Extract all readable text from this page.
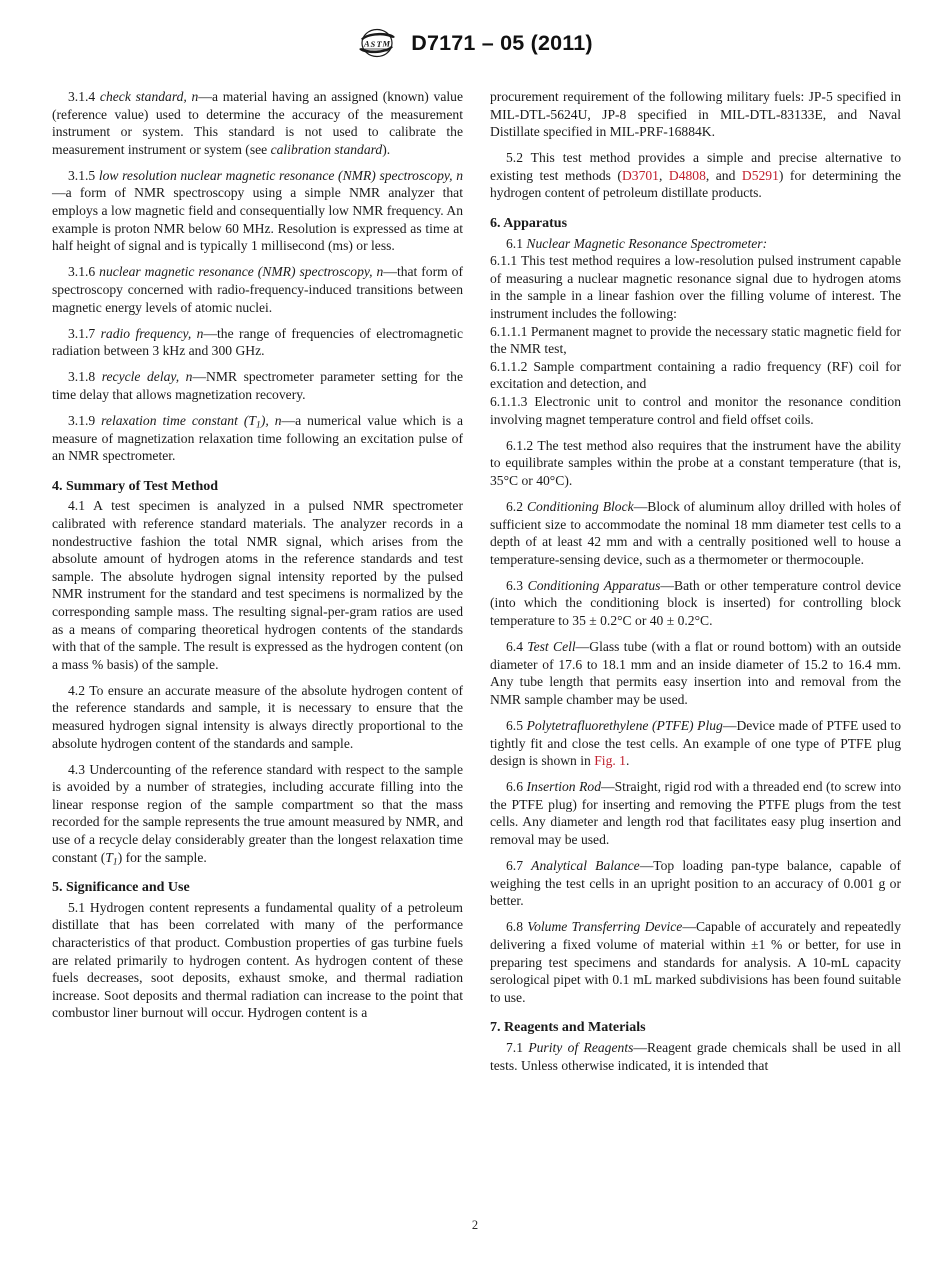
A S T M D7171 – 05 (2011)

3.1.4 check standard, n—a material having an assigned (known) value (reference value) used to determine the accuracy of the measurement instrument or system. This standard is not used to calibrate the measurement instrument or system (see calibration standard).

3.1.5 low resolution nuclear magnetic resonance (NMR) spectroscopy, n—a form of NMR spectroscopy using a simple NMR analyzer that employs a low magnetic field and consequentially low NMR frequency. An example is proton NMR below 60 MHz. Resolution is expressed as time at half height of signal and is typically 1 millisecond (ms) or less.

3.1.6 nuclear magnetic resonance (NMR) spectroscopy, n—that form of spectroscopy concerned with radio-frequency-induced transitions between magnetic energy levels of atomic nuclei.

3.1.7 radio frequency, n—the range of frequencies of electromagnetic radiation between 3 kHz and 300 GHz.

3.1.8 recycle delay, n—NMR spectrometer parameter setting for the time delay that allows magnetization recovery.

3.1.9 relaxation time constant $(T_1)$, n—a numerical value which is a measure of magnetization relaxation time following an excitation pulse of an NMR spectrometer.

4. Summary of Test Method

4.1 A test specimen is analyzed in a pulsed NMR spectrometer calibrated with reference standard materials. The analyzer records in a nondestructive fashion the total NMR signal, which arises from the absolute amount of hydrogen atoms in the reference standards and test sample. The absolute hydrogen signal intensity reported by the pulsed NMR instrument for the standard and test specimens is normalized by the corresponding sample mass. The resulting signal-per-gram ratios are used as a means of comparing theoretical hydrogen contents of the standards with that of the sample. The result is expressed as the hydrogen content (on a mass % basis) of the sample.

4.2 To ensure an accurate measure of the absolute hydrogen content of the reference standards and sample, it is necessary to ensure that the measured hydrogen signal intensity is always directly proportional to the absolute hydrogen content of the standards and sample.

4.3 Undercounting of the reference standard with respect to the sample is avoided by a number of strategies, including accurate filling into the linear response region of the sample compartment so that the mass recorded for the sample represents the true amount measured by NMR, and use of a recycle delay considerably greater than the longest relaxation time constant $(T_1)$ for the sample.

5. Significance and Use

5.1 Hydrogen content represents a fundamental quality of a petroleum distillate that has been correlated with many of the performance characteristics of that product. Combustion properties of gas turbine fuels are related primarily to hydrogen content. As hydrogen content of these fuels decreases, soot deposits, exhaust smoke, and thermal radiation increase. Soot deposits and thermal radiation can increase to the point that combustor liner burnout will occur. Hydrogen content is a

procurement requirement of the following military fuels: JP-5 specified in MIL-DTL-5624U, JP-8 specified in MIL-DTL-83133E, and Naval Distillate specified in MIL-PRF-16884K.

5.2 This test method provides a simple and precise alternative to existing test methods (D3701, D4808, and D5291) for determining the hydrogen content of petroleum distillate products.

6. Apparatus

6.1 Nuclear Magnetic Resonance Spectrometer:

6.1.1 This test method requires a low-resolution pulsed instrument capable of measuring a nuclear magnetic resonance signal due to hydrogen atoms in the sample in a linear fashion over the filling volume of interest. The instrument includes the following:

6.1.1.1 Permanent magnet to provide the necessary static magnetic field for the NMR test,

6.1.1.2 Sample compartment containing a radio frequency (RF) coil for excitation and detection, and

6.1.1.3 Electronic unit to control and monitor the resonance condition involving magnet temperature control and field offset coils.

6.1.2 The test method also requires that the instrument have the ability to equilibrate samples within the probe at a constant temperature (that is, 35°C or 40°C).

6.2 Conditioning Block—Block of aluminum alloy drilled with holes of sufficient size to accommodate the nominal 18 mm diameter test cells to a depth of at least 42 mm and with a centrally positioned well to house a temperature-sensing device, such as a thermometer or thermocouple.

6.3 Conditioning Apparatus—Bath or other temperature control device (into which the conditioning block is inserted) for controlling block temperature to 35 ± 0.2°C or 40 ± 0.2°C.

6.4 Test Cell—Glass tube (with a flat or round bottom) with an outside diameter of 17.6 to 18.1 mm and an inside diameter of 15.2 to 16.4 mm. Any tube length that permits easy insertion into and removal from the NMR sample chamber may be used.

6.5 Polytetrafluorethylene (PTFE) Plug—Device made of PTFE used to tightly fit and close the test cells. An example of one type of PTFE plug design is shown in Fig. 1.

6.6 Insertion Rod—Straight, rigid rod with a threaded end (to screw into the PTFE plug) for inserting and removing the PTFE plugs from the test cells. Any diameter and length rod that facilitates easy plug insertion and removal may be used.

6.7 Analytical Balance—Top loading pan-type balance, capable of weighing the test cells in an upright position to an accuracy of 0.001 g or better.

6.8 Volume Transferring Device—Capable of accurately and repeatedly delivering a fixed volume of material within ±1 % or better, for use in preparing test specimens and standards for analysis. A 10-mL capacity serological pipet with 0.1 mL marked subdivisions has been found suitable to use.

7. Reagents and Materials

7.1 Purity of Reagents—Reagent grade chemicals shall be used in all tests. Unless otherwise indicated, it is intended that

2
